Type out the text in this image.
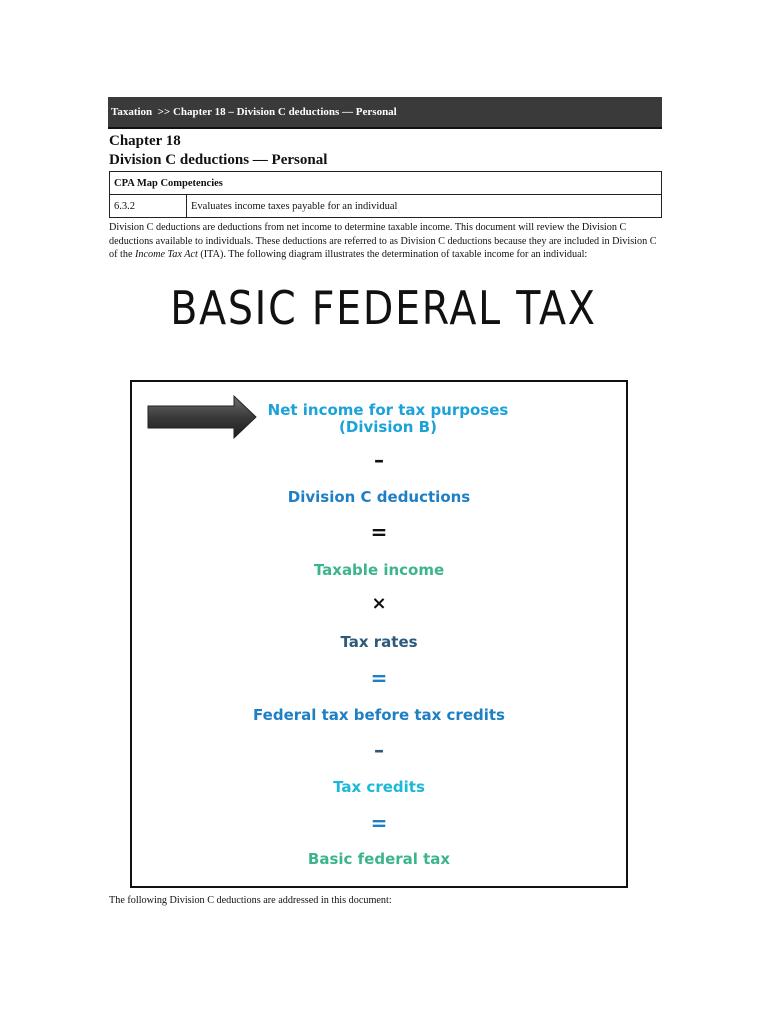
Taxation  >> Chapter 18 – Division C deductions — Personal
Chapter 18
Division C deductions — Personal
CPA Map Competencies
6.3.2	Evaluates income taxes payable for an individual

Division C deductions are deductions from net income to determine taxable income. This document will review the Division C deductions available to individuals. These deductions are referred to as Division C deductions because they are included in Division C of the Income Tax Act (ITA). The following diagram illustrates the determination of taxable income for an individual:

BASIC FEDERAL TAX
Net income for tax purposes
(Division B)
–
Division C deductions
=
Taxable income
×
Tax rates
=
Federal tax before tax credits
–
Tax credits
=
Basic federal tax

The following Division C deductions are addressed in this document:
